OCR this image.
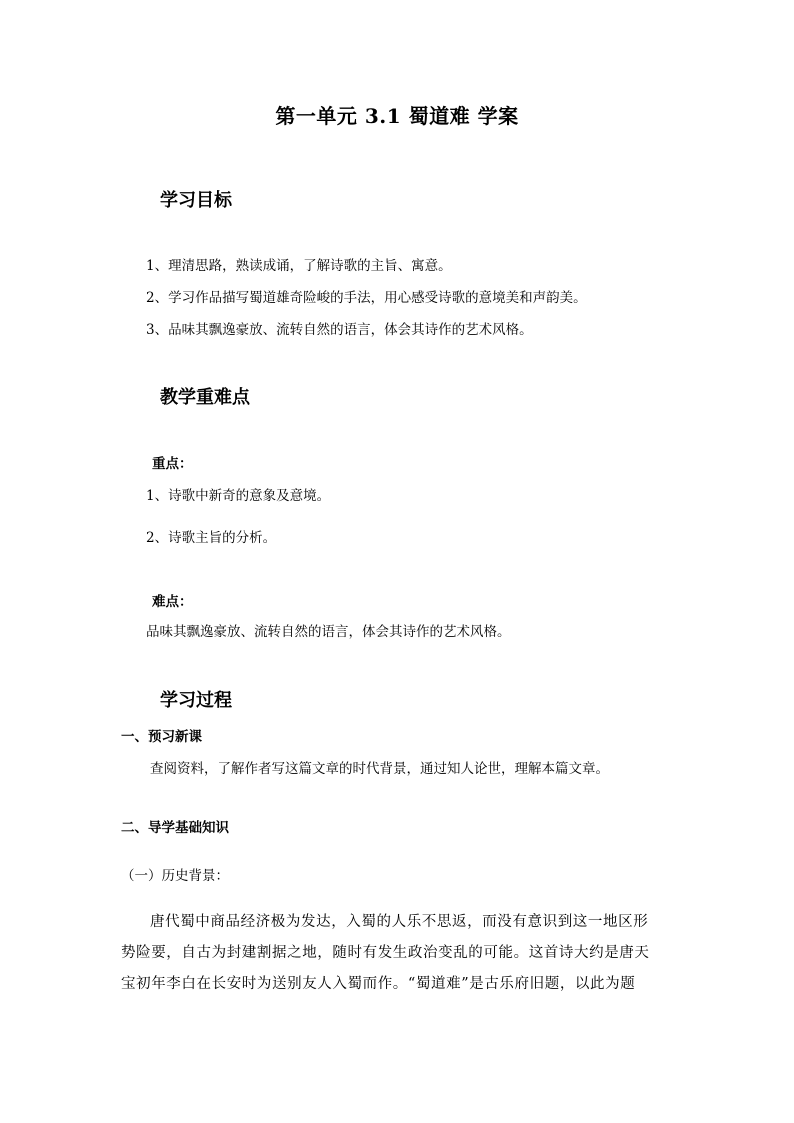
第一单元 3.1 蜀道难 学案
学习目标
1、理清思路，熟读成诵，了解诗歌的主旨、寓意。
2、学习作品描写蜀道雄奇险峻的手法，用心感受诗歌的意境美和声韵美。
3、品味其飘逸豪放、流转自然的语言，体会其诗作的艺术风格。
教学重难点
重点：
1、诗歌中新奇的意象及意境。
2、诗歌主旨的分析。
难点：
品味其飘逸豪放、流转自然的语言，体会其诗作的艺术风格。
学习过程
一、预习新课
查阅资料，了解作者写这篇文章的时代背景，通过知人论世，理解本篇文章。
二、导学基础知识
（一）历史背景：
唐代蜀中商品经济极为发达，入蜀的人乐不思返，而没有意识到这一地区形
势险要，自古为封建割据之地，随时有发生政治变乱的可能。这首诗大约是唐天
宝初年李白在长安时为送别友人入蜀而作。“蜀道难”是古乐府旧题，以此为题
